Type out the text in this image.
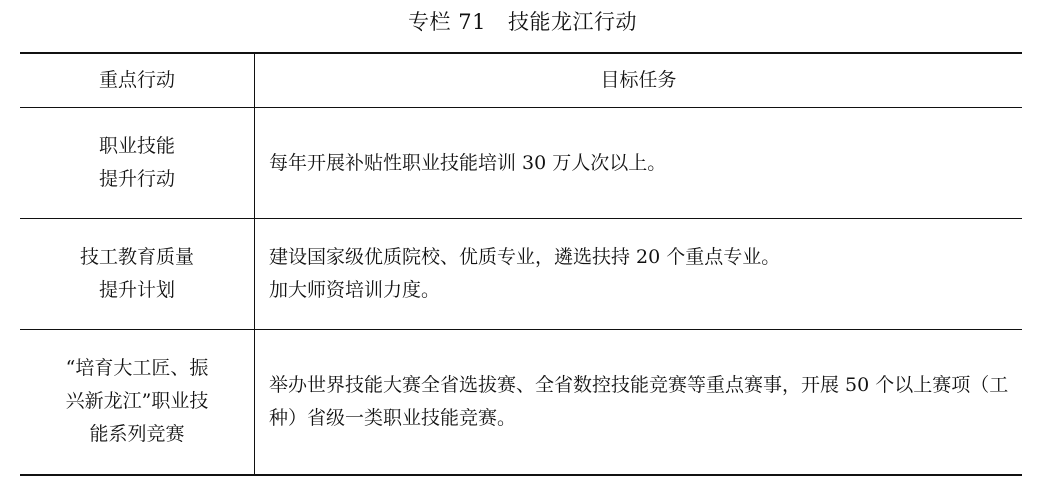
专栏 71 技能龙江行动
重点行动	目标任务

职业技能
提升行动	每年开展补贴性职业技能培训 30 万人次以上。

技工教育质量
提升计划	建设国家级优质院校、优质专业，遴选扶持 20 个重点专业。
加大师资培训力度。

“培育大工匠、振
兴新龙江”职业技
能系列竞赛	举办世界技能大赛全省选拔赛、全省数控技能竞赛等重点赛事，开展 50 个以上赛项（工种）省级一类职业技能竞赛。
